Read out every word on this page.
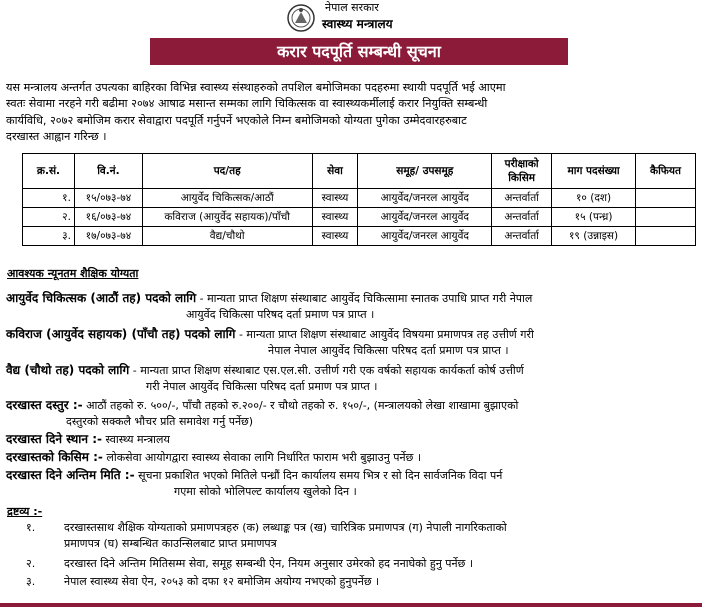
नेपाल सरकार
स्वास्थ्य मन्त्रालय
करार पदपूर्ति सम्बन्धी सूचना
यस मन्त्रालय अन्तर्गत उपत्यका बाहिरका विभिन्न स्वास्थ्य संस्थाहरुको तपशिल बमोजिमका पदहरुमा स्थायी पदपूर्ति भई आएमा
स्वतः सेवामा नरहने गरी बढीमा २०७४ आषाढ मसान्त सम्मका लागि चिकित्सक वा स्वास्थ्यकर्मीलाई करार नियुक्ति सम्बन्धी
कार्यविधि, २०७२ बमोजिम करार सेवाद्वारा पदपूर्ति गर्नुपर्ने भएकोले निम्न बमोजिमको योग्यता पुगेका उम्मेदवारहरुबाट
दरखास्त आह्वान गरिन्छ ।
क्र.सं.	वि.नं.	पद/तह	सेवा	समूह/ उपसमूह	परीक्षाको किसिम	माग पदसंख्या	कैफियत
१.	१५/०७३-७४	आयुर्वेद चिकित्सक/आठौं	स्वास्थ्य	आयुर्वेद/जनरल आयुर्वेद	अन्तर्वार्ता	१० (दश)	
२.	१६/०७३-७४	कविराज (आयुर्वेद सहायक)/पाँचौ	स्वास्थ्य	आयुर्वेद/जनरल आयुर्वेद	अन्तर्वार्ता	१५ (पन्ध्र)	
३.	१७/०७३-७४	वैद्य/चौथो	स्वास्थ्य	आयुर्वेद/जनरल आयुर्वेद	अन्तर्वार्ता	१९ (उन्नाइस)	
आवश्यक न्यूनतम शैक्षिक योग्यता
आयुर्वेद चिकित्सक (आठौं तह) पदको लागि - मान्यता प्राप्त शिक्षण संस्थाबाट आयुर्वेद चिकित्सामा स्नातक उपाधि प्राप्त गरी नेपाल
आयुर्वेद चिकित्सा परिषद दर्ता प्रमाण पत्र प्राप्त ।
कविराज (आयुर्वेद सहायक) (पाँचौ तह) पदको लागि - मान्यता प्राप्त शिक्षण संस्थाबाट आयुर्वेद विषयमा प्रमाणपत्र तह उत्तीर्ण गरी
नेपाल नेपाल आयुर्वेद चिकित्सा परिषद दर्ता प्रमाण पत्र प्राप्त ।
वैद्य (चौथो तह) पदको लागि - मान्यता प्राप्त शिक्षण संस्थाबाट एस.एल.सी. उत्तीर्ण गरी एक वर्षको सहायक कार्यकर्ता कोर्ष उत्तीर्ण
गरी नेपाल आयुर्वेद चिकित्सा परिषद दर्ता प्रमाण पत्र प्राप्त ।
दरखास्त दस्तुर :- आठौं तहको रु. ५००/-, पाँचौ तहको रु.२००/- र चौथो तहको रु. १५०/-, (मन्त्रालयको लेखा शाखामा बुझाएको
दस्तुरको सक्कलै भौचर प्रति समावेश गर्नु पर्नेछ)
दरखास्त दिने स्थान :- स्वास्थ्य मन्त्रालय
दरखास्तको किसिम :- लोकसेवा आयोगद्वारा स्वास्थ्य सेवाका लागि निर्धारित फाराम भरी बुझाउनु पर्नेछ ।
दरखास्त दिने अन्तिम मिति :- सूचना प्रकाशित भएको मितिले पन्ध्रौं दिन कार्यालय समय भित्र र सो दिन सार्वजनिक विदा पर्न
गएमा सोको भोलिपल्ट कार्यालय खुलेको दिन ।
द्रष्टव्य :-
१.	दरखास्तसाथ शैक्षिक योग्यताको प्रमाणपत्रहरु (क) लब्धाङ्क पत्र (ख) चारित्रिक प्रमाणपत्र (ग) नेपाली नागरिकताको
प्रमाणपत्र (घ) सम्बन्धित काउन्सिलबाट प्राप्त प्रमाणपत्र
२.	दरखास्त दिने अन्तिम मितिसम्म सेवा, समूह सम्बन्धी ऐन, नियम अनुसार उमेरको हद ननाघेको हुनु पर्नेछ ।
३.	नेपाल स्वास्थ्य सेवा ऐन, २०५३ को दफा १२ बमोजिम अयोग्य नभएको हुनुपर्नेछ ।
